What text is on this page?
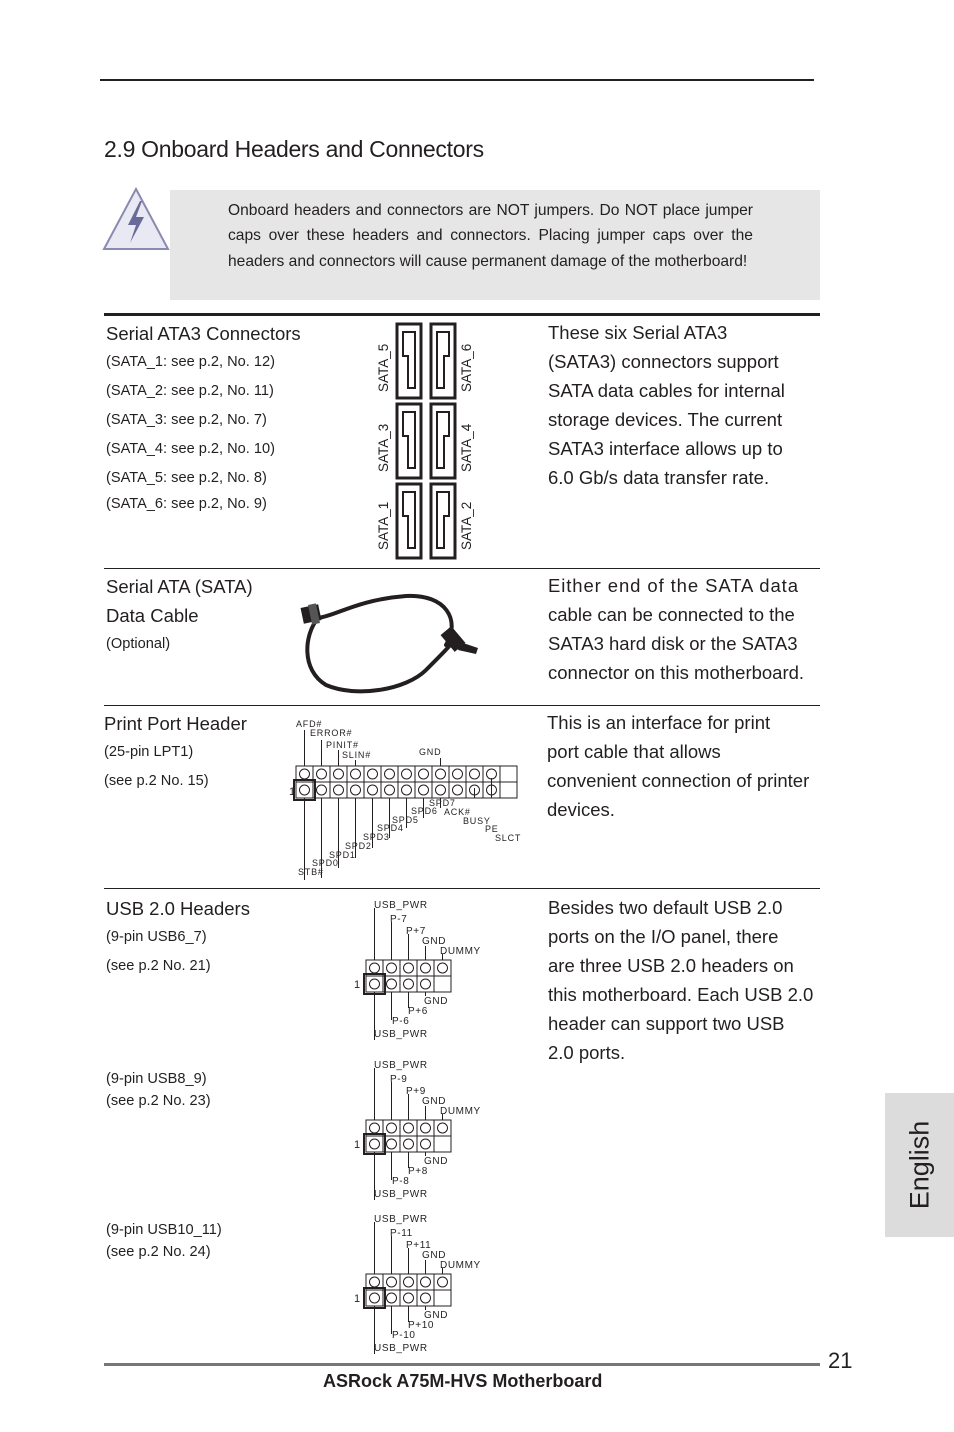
2.9 Onboard Headers and Connectors
Onboard headers and connectors are NOT jumpers. Do NOT place jumper caps over these headers and connectors. Placing jumper caps over the headers and connectors will cause permanent damage of the motherboard!
Serial ATA3 Connectors
(SATA_1: see p.2, No. 12)
(SATA_2: see p.2, No. 11)
(SATA_3: see p.2, No. 7)
(SATA_4: see p.2, No. 10)
(SATA_5: see p.2, No. 8)
(SATA_6: see p.2, No. 9)
SATA_5	SATA_6
SATA_3	SATA_4
SATA_1	SATA_2
These six Serial ATA3
(SATA3) connectors support
SATA data cables for internal
storage devices. The current
SATA3 interface allows up to
6.0 Gb/s data transfer rate.
Serial ATA (SATA)
Data Cable
(Optional)
Either end of the SATA data
cable can be connected to the
SATA3 hard disk or the SATA3
connector on this motherboard.
Print Port Header
(25-pin LPT1)
(see p.2 No. 15)
AFD#
ERROR#
PINIT#
SLIN#	GND
1
SPD7
SPD6 ACK#
SPD5	BUSY
SPD4	PE
SPD3	SLCT
SPD2
SPD1
SPD0
STB#
This is an interface for print
port cable that allows
convenient connection of printer
devices.
USB 2.0 Headers
(9-pin USB6_7)
(see p.2 No. 21)
(9-pin USB8_9)
(see p.2 No. 23)
(9-pin USB10_11)
(see p.2 No. 24)
USB_PWR
P-7
P+7
GND
DUMMY
GND
P+6
P-6
USB_PWR
1
USB_PWR
P-9
P+9
GND
DUMMY
GND
P+8
P-8
USB_PWR
1
USB_PWR
P-11
P+11
GND
DUMMY
GND
P+10
P-10
USB_PWR
1
Besides two default USB 2.0
ports on the I/O panel, there
are three USB 2.0 headers on
this motherboard. Each USB 2.0
header can support two USB
2.0 ports.
English
21
ASRock A75M-HVS Motherboard
